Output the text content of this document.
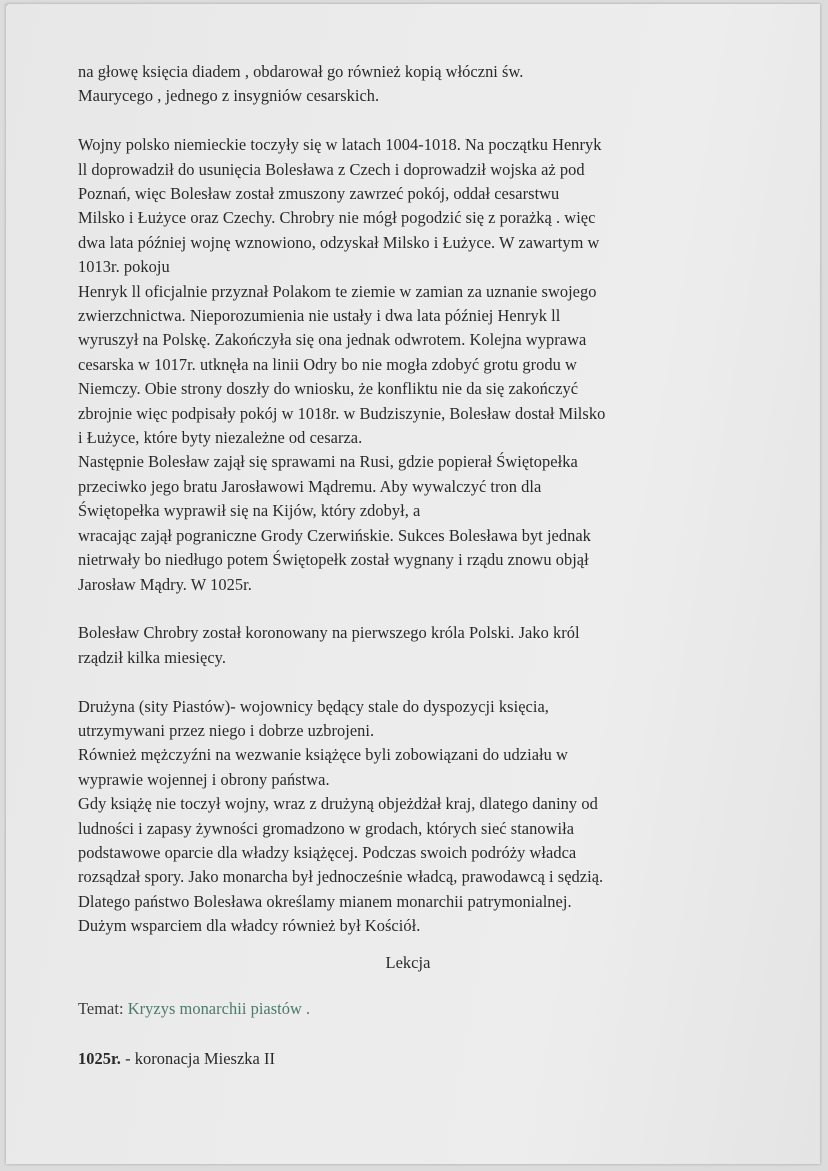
na głowę księcia diadem , obdarował go również kopią włóczni św.
Maurycego , jednego z insygniów cesarskich.
Wojny polsko niemieckie toczyły się w latach 1004-1018. Na początku Henryk
ll doprowadził do usunięcia Bolesława z Czech i doprowadził wojska aż pod
Poznań, więc Bolesław został zmuszony zawrzeć pokój, oddał cesarstwu
Milsko i Łużyce oraz Czechy. Chrobry nie mógł pogodzić się z porażką . więc
dwa lata później wojnę wznowiono, odzyskał Milsko i Łużyce. W zawartym w
1013r. pokoju
Henryk ll oficjalnie przyznał Polakom te ziemie w zamian za uznanie swojego
zwierzchnictwa. Nieporozumienia nie ustały i dwa lata później Henryk ll
wyruszył na Polskę. Zakończyła się ona jednak odwrotem. Kolejna wyprawa
cesarska w 1017r. utknęła na linii Odry bo nie mogła zdobyć grotu grodu w
Niemczy. Obie strony doszły do wniosku, że konfliktu nie da się zakończyć
zbrojnie więc podpisały pokój w 1018r. w Budziszynie, Bolesław dostał Milsko
i Łużyce, które byty niezależne od cesarza.
Następnie Bolesław zajął się sprawami na Rusi, gdzie popierał Świętopełka
przeciwko jego bratu Jarosławowi Mądremu. Aby wywalczyć tron dla
Świętopełka wyprawił się na Kijów, który zdobył, a
wracając zajął pograniczne Grody Czerwińskie. Sukces Bolesława byt jednak
nietrwały bo niedługo potem Świętopełk został wygnany i rządu znowu objął
Jarosław Mądry. W 1025r.
Bolesław Chrobry został koronowany na pierwszego króla Polski. Jako król
rządził kilka miesięcy.
Drużyna (sity Piastów)- wojownicy będący stale do dyspozycji księcia,
utrzymywani przez niego i dobrze uzbrojeni.
Również mężczyźni na wezwanie książęce byli zobowiązani do udziału w
wyprawie wojennej i obrony państwa.
Gdy książę nie toczył wojny, wraz z drużyną objeżdżał kraj, dlatego daniny od
ludności i zapasy żywności gromadzono w grodach, których sieć stanowiła
podstawowe oparcie dla władzy książęcej. Podczas swoich podróży władca
rozsądzał spory. Jako monarcha był jednocześnie władcą, prawodawcą i sędzią.
Dlatego państwo Bolesława określamy mianem monarchii patrymonialnej.
Dużym wsparciem dla władcy również był Kościół.
Lekcja
Temat: Kryzys monarchii piastów .
1025r. - koronacja Mieszka II
